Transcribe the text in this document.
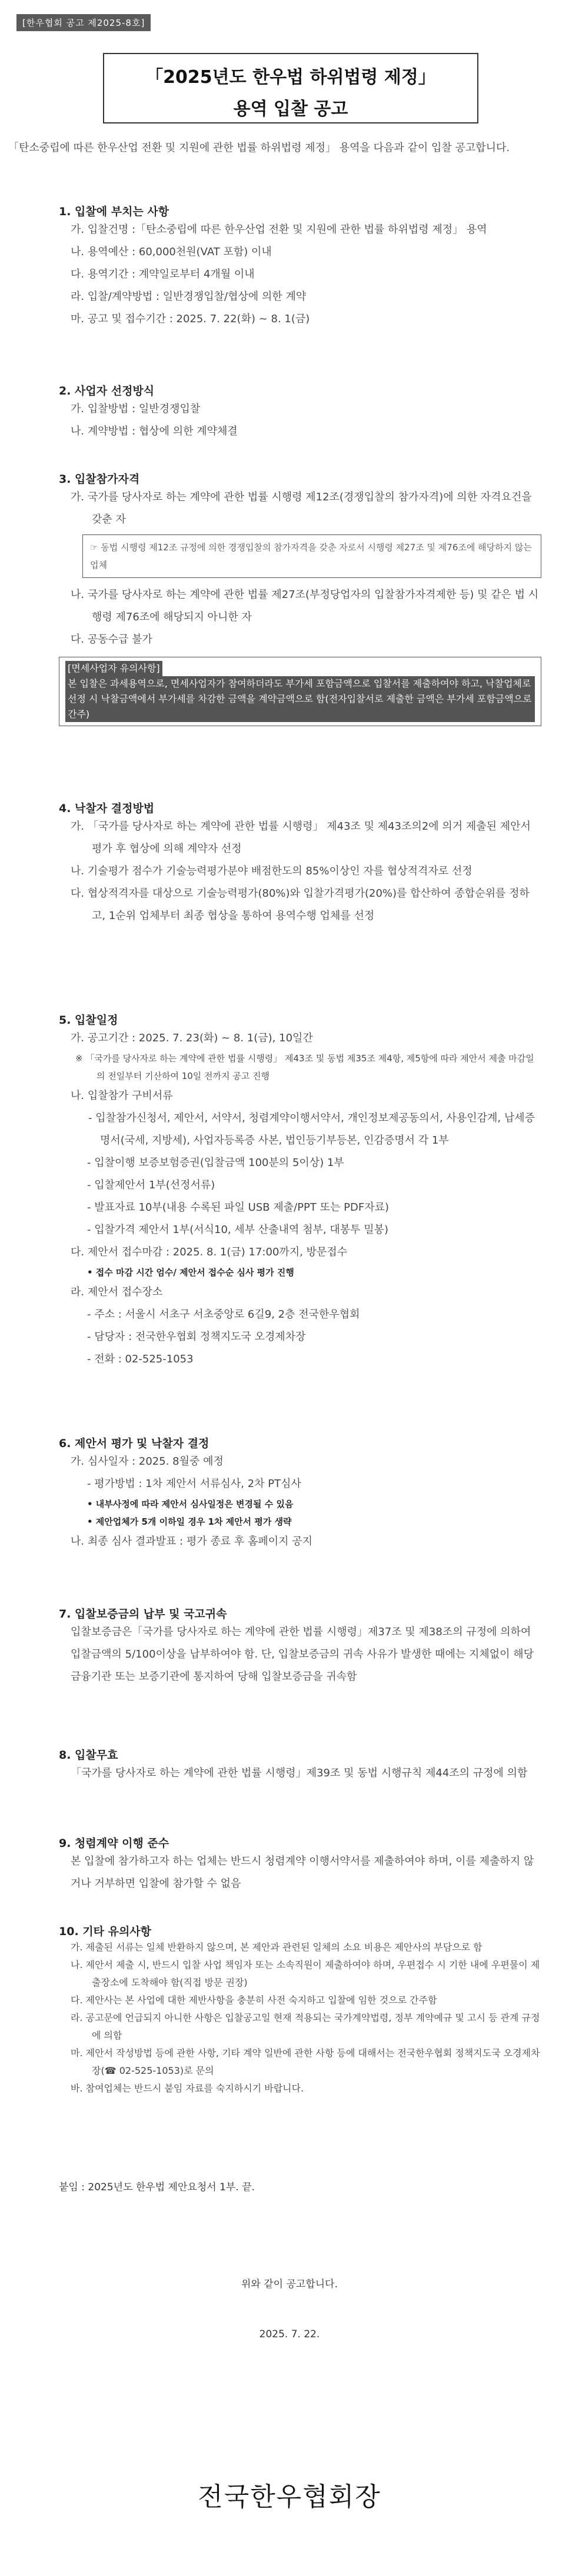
[한우협회 공고 제2025-8호]
「2025년도 한우법 하위법령 제정」
용역 입찰 공고
「탄소중립에 따른 한우산업 전환 및 지원에 관한 법률 하위법령 제정」 용역을 다음과 같이 입찰 공고합니다.
1. 입찰에 부치는 사항
가. 입찰건명 :「탄소중립에 따른 한우산업 전환 및 지원에 관한 법률 하위법령 제정」 용역
나. 용역예산 : 60,000천원(VAT 포함) 이내
다. 용역기간 : 계약일로부터 4개월 이내
라. 입찰/계약방법 : 일반경쟁입찰/협상에 의한 계약
마. 공고 및 접수기간 : 2025. 7. 22(화) ~ 8. 1(금)
2. 사업자 선정방식
가. 입찰방법 : 일반경쟁입찰
나. 계약방법 : 협상에 의한 계약체결
3. 입찰참가자격
가. 국가를 당사자로 하는 계약에 관한 법률 시행령 제12조(경쟁입찰의 참가자격)에 의한 자격요건을 갖춘 자
☞ 동법 시행령 제12조 규정에 의한 경쟁입찰의 참가자격을 갖춘 자로서 시행령 제27조 및 제76조에 해당하지 않는 업체
나. 국가를 당사자로 하는 계약에 관한 법률 제27조(부정당업자의 입찰참가자격제한 등) 및 같은 법 시행령 제76조에 해당되지 아니한 자
다. 공동수급 불가
[면세사업자 유의사항]
본 입찰은 과세용역으로, 면세사업자가 참여하더라도 부가세 포함금액으로 입찰서를 제출하여야 하고, 낙찰업체로 선정 시 낙찰금액에서 부가세를 차감한 금액을 계약금액으로 함(전자입찰서로 제출한 금액은 부가세 포함금액으로 간주)
4. 낙찰자 결정방법
가. 「국가를 당사자로 하는 계약에 관한 법률 시행령」 제43조 및 제43조의2에 의거 제출된 제안서 평가 후 협상에 의해 계약자 선정
나. 기술평가 점수가 기술능력평가분야 배점한도의 85%이상인 자를 협상적격자로 선정
다. 협상적격자를 대상으로 기술능력평가(80%)와 입찰가격평가(20%)를 합산하여 종합순위를 정하고, 1순위 업체부터 최종 협상을 통하여 용역수행 업체를 선정
5. 입찰일정
가. 공고기간 : 2025. 7. 23(화) ~ 8. 1(금), 10일간
※ 「국가를 당사자로 하는 계약에 관한 법률 시행령」 제43조 및 동법 제35조 제4항, 제5항에 따라 제안서 제출 마감일의 전일부터 기산하여 10일 전까지 공고 진행
나. 입찰참가 구비서류
- 입찰참가신청서, 제안서, 서약서, 청렴계약이행서약서, 개인정보제공동의서, 사용인감계, 납세증명서(국세, 지방세), 사업자등록증 사본, 법인등기부등본, 인감증명서 각 1부
- 입찰이행 보증보험증권(입찰금액 100분의 5이상) 1부
- 입찰제안서 1부(선정서류)
- 발표자료 10부(내용 수록된 파일 USB 제출/PPT 또는 PDF자료)
- 입찰가격 제안서 1부(서식10, 세부 산출내역 첨부, 대봉투 밀봉)
다. 제안서 접수마감 : 2025. 8. 1(금) 17:00까지, 방문접수
• 접수 마감 시간 엄수/ 제안서 접수순 심사 평가 진행
라. 제안서 접수장소
- 주소 : 서울시 서초구 서초중앙로 6길9, 2층 전국한우협회
- 담당자 : 전국한우협회 정책지도국 오경제차장
- 전화 : 02-525-1053
6. 제안서 평가 및 낙찰자 결정
가. 심사일자 : 2025. 8월중 예정
- 평가방법 : 1차 제안서 서류심사, 2차 PT심사
• 내부사정에 따라 제안서 심사일정은 변경될 수 있음
• 제안업체가 5개 이하일 경우 1차 제안서 평가 생략
나. 최종 심사 결과발표 : 평가 종료 후 홈페이지 공지
7. 입찰보증금의 납부 및 국고귀속
입찰보증금은「국가를 당사자로 하는 계약에 관한 법률 시행령」제37조 및 제38조의 규정에 의하여 입찰금액의 5/100이상을 납부하여야 함. 단, 입찰보증금의 귀속 사유가 발생한 때에는 지체없이 해당 금융기관 또는 보증기관에 통지하여 당해 입찰보증금을 귀속함
8. 입찰무효
「국가를 당사자로 하는 계약에 관한 법률 시행령」제39조 및 동법 시행규칙 제44조의 규정에 의함
9. 청렴계약 이행 준수
본 입찰에 참가하고자 하는 업체는 반드시 청렴계약 이행서약서를 제출하여야 하며, 이를 제출하지 않거나 거부하면 입찰에 참가할 수 없음
10. 기타 유의사항
가. 제출된 서류는 일체 반환하지 않으며, 본 제안과 관련된 일체의 소요 비용은 제안사의 부담으로 함
나. 제안서 제출 시, 반드시 입찰 사업 책임자 또는 소속직원이 제출하여야 하며, 우편접수 시 기한 내에 우편물이 제출장소에 도착해야 함(직접 방문 권장)
다. 제안사는 본 사업에 대한 제반사항을 충분히 사전 숙지하고 입찰에 임한 것으로 간주함
라. 공고문에 언급되지 아니한 사항은 입찰공고일 현재 적용되는 국가계약법령, 정부 계약예규 및 고시 등 관계 규정에 의함
마. 제안서 작성방법 등에 관한 사항, 기타 계약 일반에 관한 사항 등에 대해서는 전국한우협회 정책지도국 오경제차장(☎ 02-525-1053)로 문의
바. 참여업체는 반드시 붙임 자료를 숙지하시기 바랍니다.
붙임 : 2025년도 한우법 제안요청서 1부. 끝.
위와 같이 공고합니다.
2025. 7. 22.
전국한우협회장
